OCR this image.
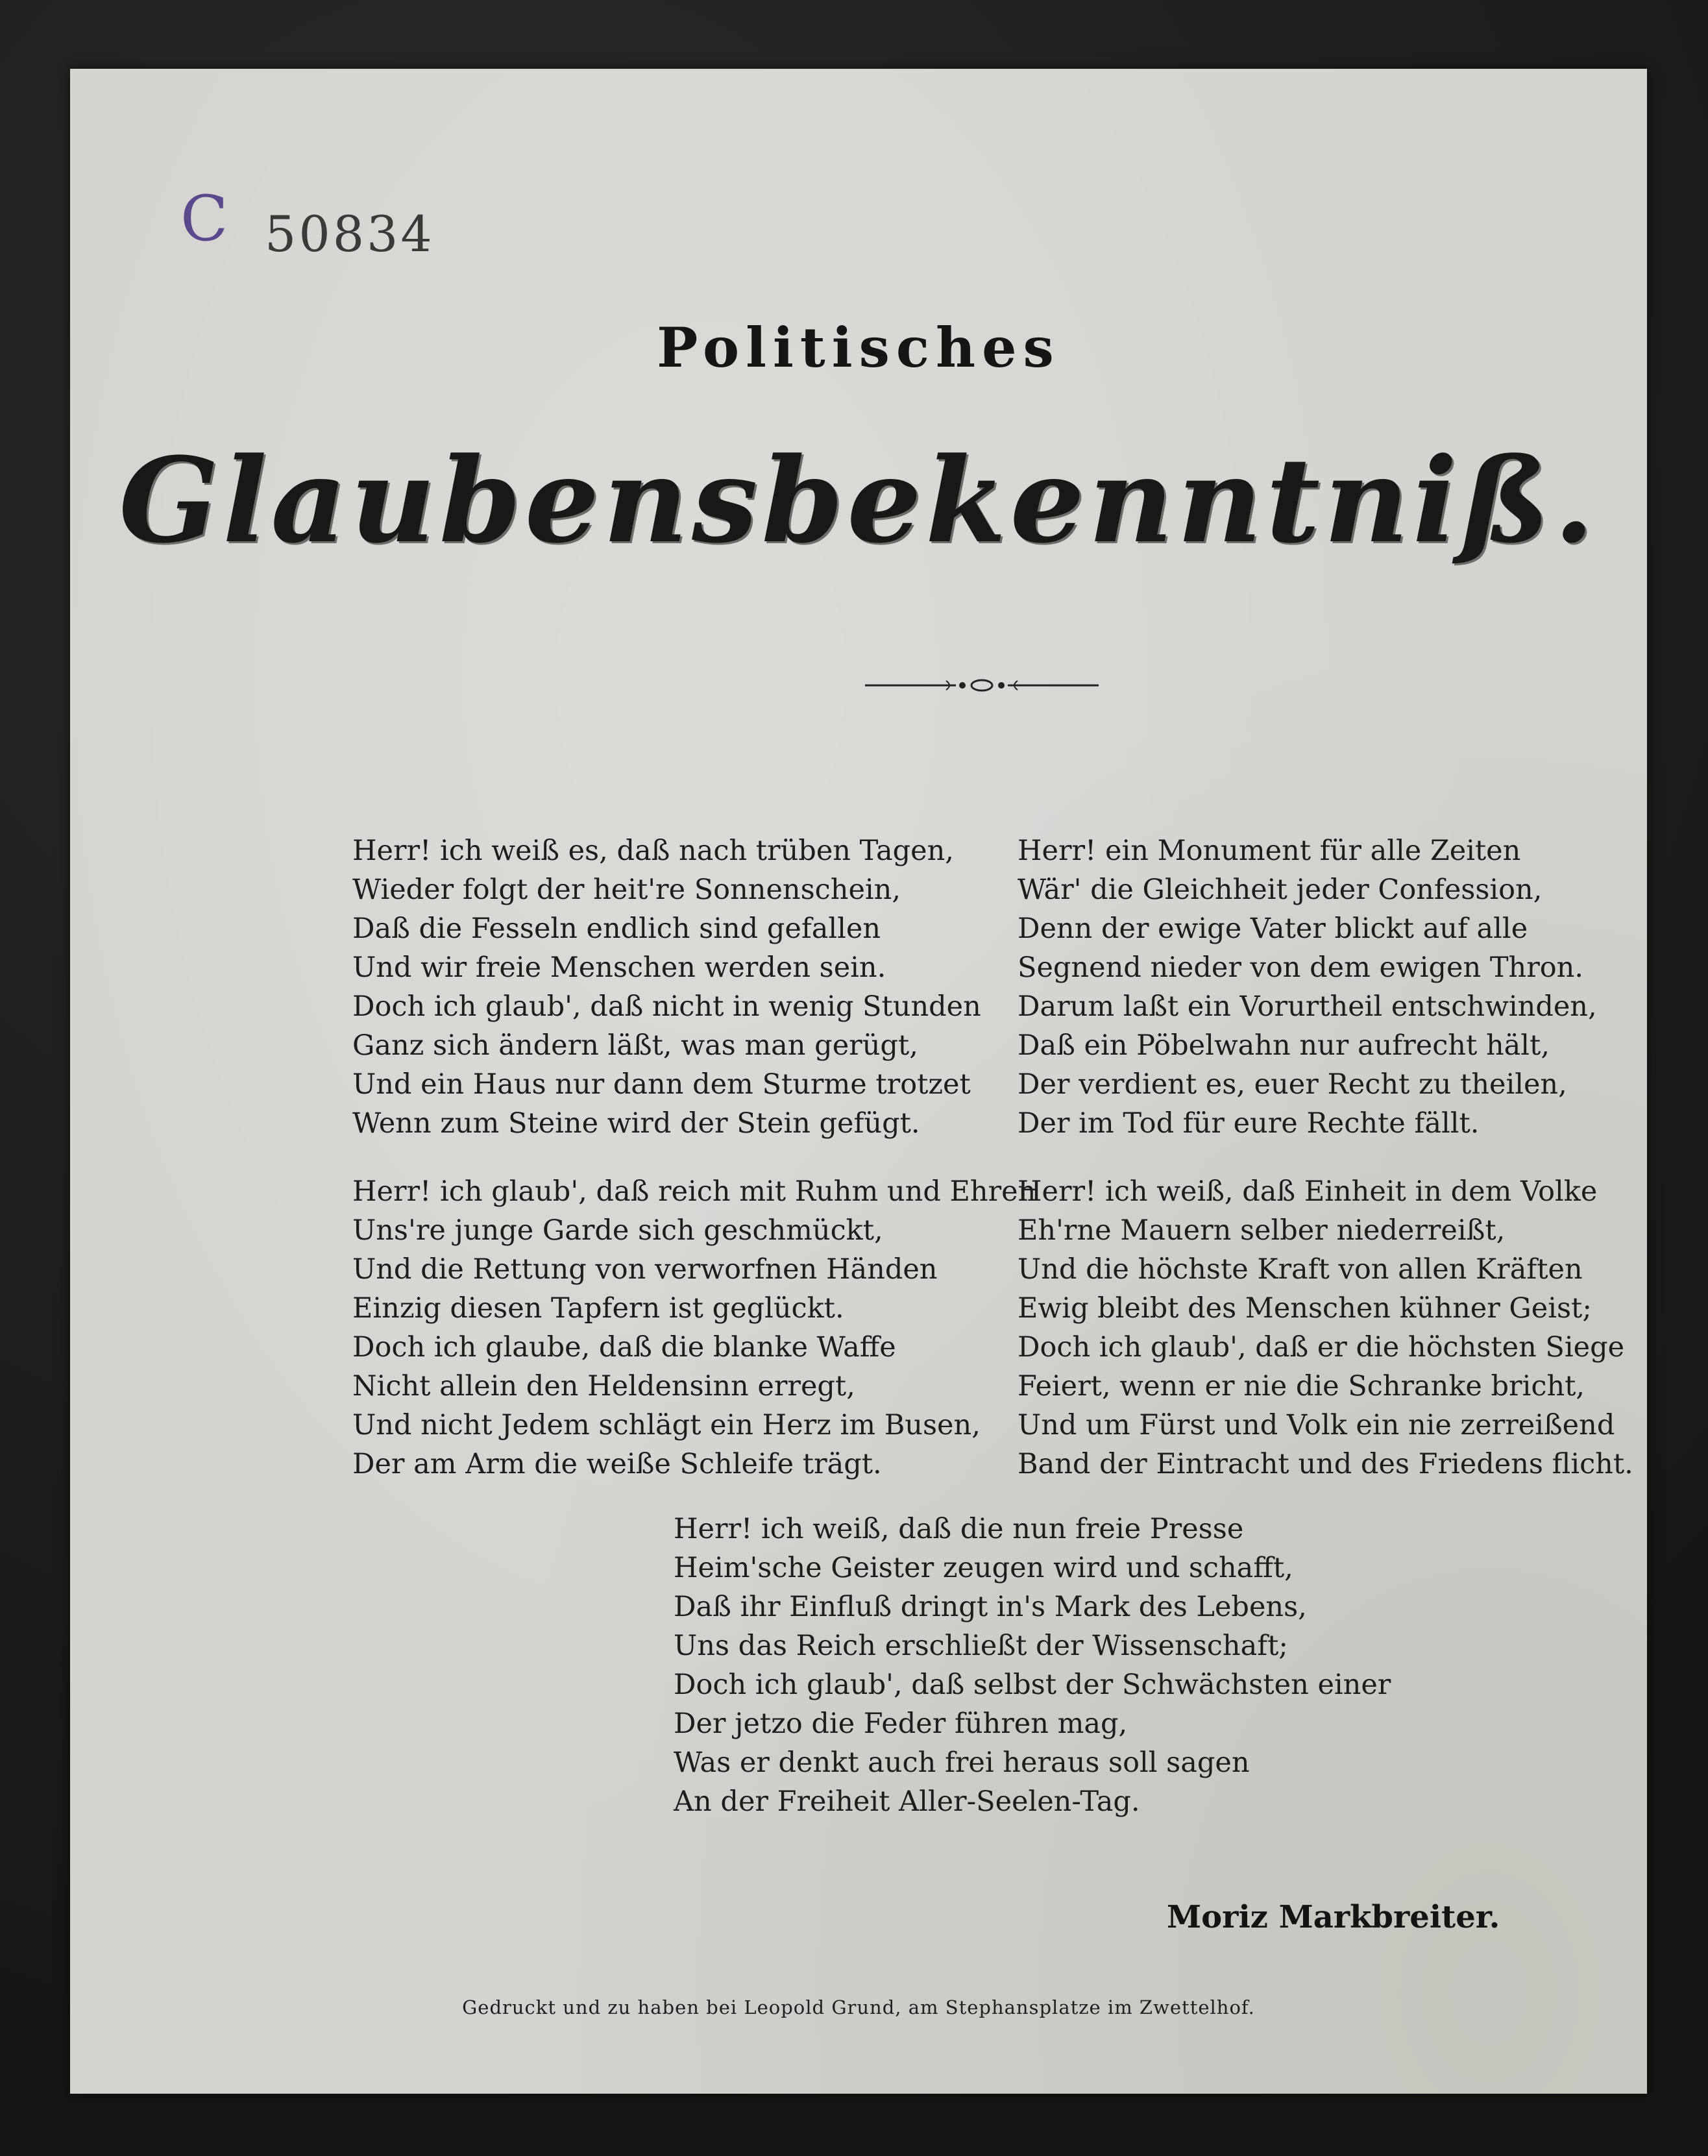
C 50834
Politisches
Glaubensbekenntniß.
Herr! ich weiß es, daß nach trüben Tagen,
Wieder folgt der heit're Sonnenschein,
Daß die Fesseln endlich sind gefallen
Und wir freie Menschen werden sein.
Doch ich glaub', daß nicht in wenig Stunden
Ganz sich ändern läßt, was man gerügt,
Und ein Haus nur dann dem Sturme trotzet
Wenn zum Steine wird der Stein gefügt.
Herr! ein Monument für alle Zeiten
Wär' die Gleichheit jeder Confession,
Denn der ewige Vater blickt auf alle
Segnend nieder von dem ewigen Thron.
Darum laßt ein Vorurtheil entschwinden,
Daß ein Pöbelwahn nur aufrecht hält,
Der verdient es, euer Recht zu theilen,
Der im Tod für eure Rechte fällt.
Herr! ich glaub', daß reich mit Ruhm und Ehren
Uns're junge Garde sich geschmückt,
Und die Rettung von verworfnen Händen
Einzig diesen Tapfern ist geglückt.
Doch ich glaube, daß die blanke Waffe
Nicht allein den Heldensinn erregt,
Und nicht Jedem schlägt ein Herz im Busen,
Der am Arm die weiße Schleife trägt.
Herr! ich weiß, daß Einheit in dem Volke
Eh'rne Mauern selber niederreißt,
Und die höchste Kraft von allen Kräften
Ewig bleibt des Menschen kühner Geist;
Doch ich glaub', daß er die höchsten Siege
Feiert, wenn er nie die Schranke bricht,
Und um Fürst und Volk ein nie zerreißend
Band der Eintracht und des Friedens flicht.
Herr! ich weiß, daß die nun freie Presse
Heim'sche Geister zeugen wird und schafft,
Daß ihr Einfluß dringt in's Mark des Lebens,
Uns das Reich erschließt der Wissenschaft;
Doch ich glaub', daß selbst der Schwächsten einer
Der jetzo die Feder führen mag,
Was er denkt auch frei heraus soll sagen
An der Freiheit Aller-Seelen-Tag.
Moriz Markbreiter.
Gedruckt und zu haben bei Leopold Grund, am Stephansplatze im Zwettelhof.
